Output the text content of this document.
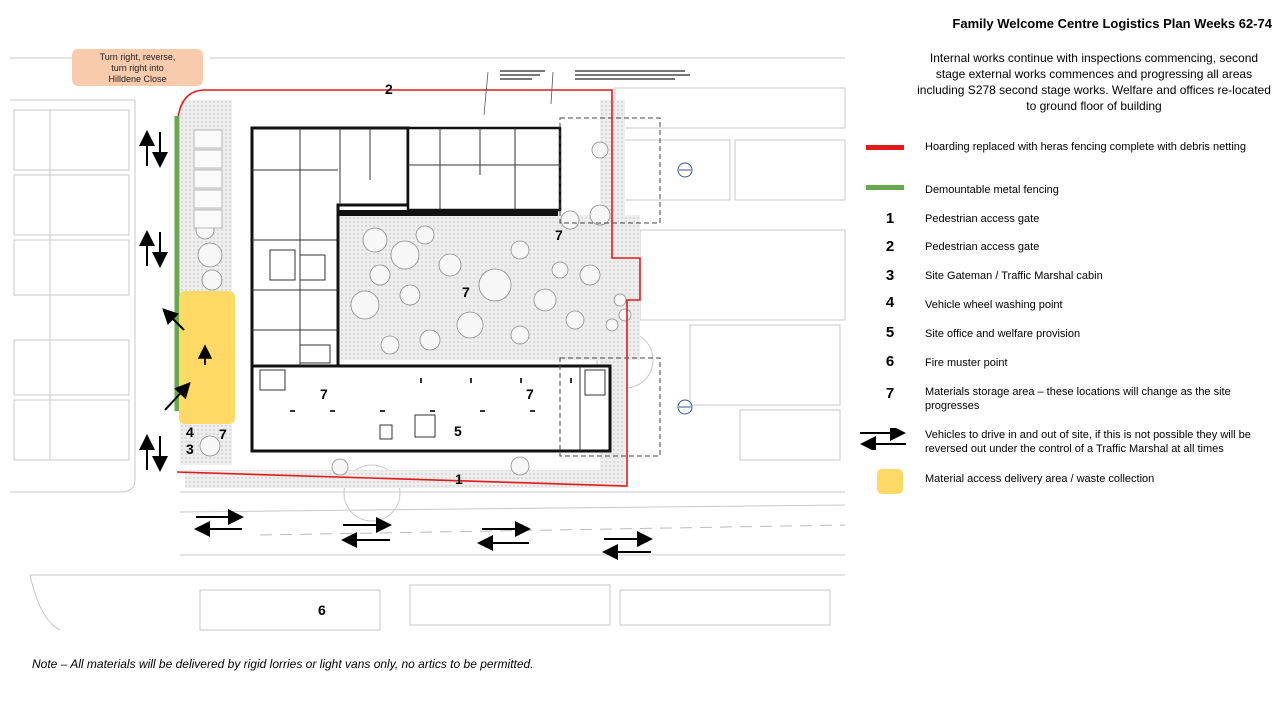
2
7
7
7	7
7	5
4
3
1
6
Turn right, reverse,
turn right into
Hilldene Close
Family Welcome Centre Logistics Plan Weeks 62-74
Internal works continue with inspections commencing, second stage external works commences and progressing all areas including S278 second stage works. Welfare and offices re-located to ground floor of building
Hoarding replaced with heras fencing complete with debris netting
Demountable metal fencing
1	Pedestrian access gate
2	Pedestrian access gate
3	Site Gateman / Traffic Marshal cabin
4	Vehicle wheel washing point
5	Site office and welfare provision
6	Fire muster point
7	Materials storage area – these locations will change as the site progresses
Vehicles to drive in and out of site, if this is not possible they will be reversed out under the control of a Traffic Marshal at all times
Material access delivery area / waste collection
Note – All materials will be delivered by rigid lorries or light vans only, no artics to be permitted.
